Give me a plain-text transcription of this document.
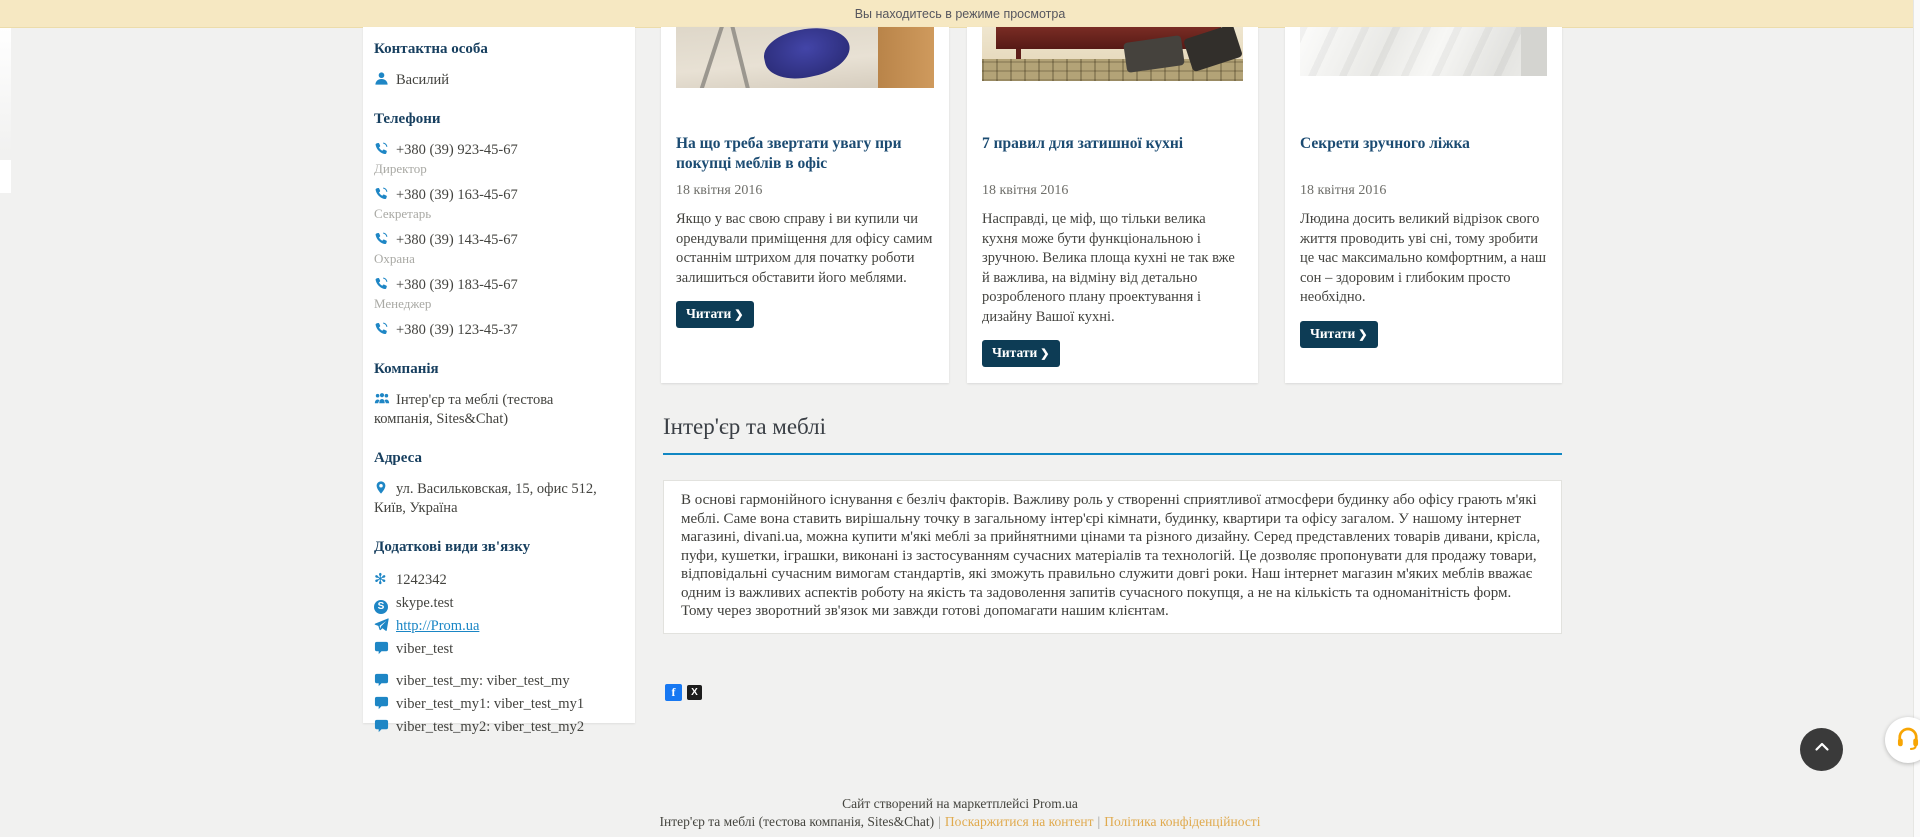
Вы находитесь в режиме просмотра
Контактна особа
Василий
Телефони
+380 (39) 923-45-67
Директор
+380 (39) 163-45-67
Секретарь
+380 (39) 143-45-67
Охрана
+380 (39) 183-45-67
Менеджер
+380 (39) 123-45-37
Компанія
Інтер'єр та меблі (тестова компанія, Sites&Chat)
Адреса
ул. Васильковская, 15, офис 512, Київ, Україна
Додаткові види зв'язку
✻ 1242342
S skype.test
http://Prom.ua
viber_test
viber_test_my: viber_test_my
viber_test_my1: viber_test_my1
viber_test_my2: viber_test_my2
На що треба звертати увагу при покупці меблів в офіс
18 квітня 2016
Якщо у вас свою справу і ви купили чи орендували приміщення для офісу самим останнім штрихом для початку роботи залишиться обставити його меблями.
Читати ❯
7 правил для затишної кухні
18 квітня 2016
Насправді, це міф, що тільки велика кухня може бути функціональною і зручною. Велика площа кухні не так вже й важлива, на відміну від детально розробленого плану проектування і дизайну Вашої кухні.
Читати ❯
Секрети зручного ліжка
18 квітня 2016
Людина досить великий відрізок свого життя проводить уві сні, тому зробити це час максимально комфортним, а наш сон – здоровим і глибоким просто необхідно.
Читати ❯
Інтер'єр та меблі
В основі гармонійного існування є безліч факторів. Важливу роль у створенні сприятливої атмосфери будинку або офісу грають м'які меблі. Саме вона ставить вирішальну точку в загальному інтер'єрі кімнати, будинку, квартири та офісу загалом. У нашому інтернет магазині, divani.ua, можна купити м'які меблі за прийнятними цінами та різного дизайну. Серед представлених товарів дивани, крісла, пуфи, кушетки, іграшки, виконані із застосуванням сучасних матеріалів та технологій. Це дозволяє пропонувати для продажу товари, відповідальні сучасним вимогам стандартів, які зможуть правильно служити довгі роки. Наш інтернет магазин м'яких меблів вважає одним із важливих аспектів роботу на якість та задоволення запитів сучасного покупця, а не на кількість та одноманітність форм. Тому через зворотний зв'язок ми завжди готові допомагати нашим клієнтам.
f	X
Сайт створений на маркетплейсі Prom.ua
Інтер'єр та меблі (тестова компанія, Sites&Chat) | Поскаржитися на контент | Політика конфіденційності
